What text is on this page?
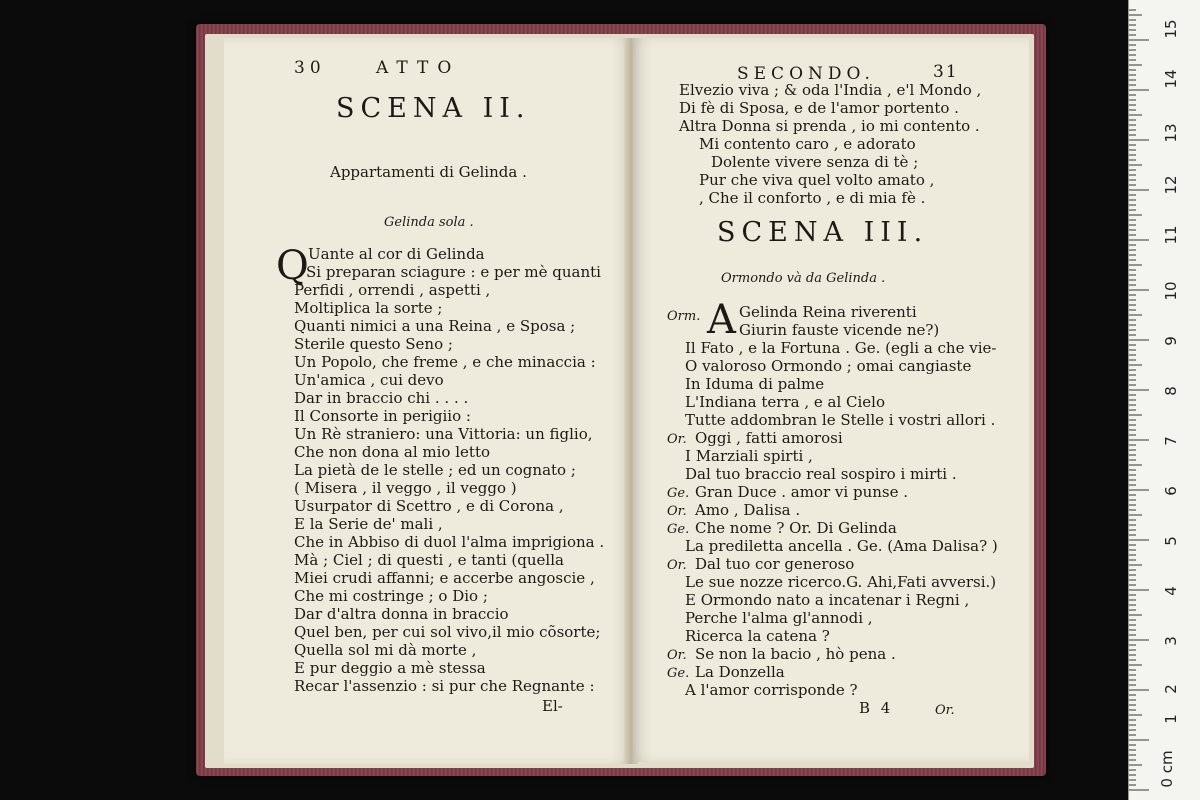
30	ATTO
SCENA II.
Appartamenti di Gelinda .
Gelinda sola .
Q Uante al cor di Gelinda
Si preparan sciagure : e per mè quanti
Perfidi , orrendi , aspetti ,
Moltiplica la sorte ;
Quanti nimici a una Reina , e Sposa ;
Sterile questo Seno ;
Un Popolo, che freme , e che minaccia :
Un'amica , cui devo
Dar in braccio chi . . . .
Il Consorte in perigiio :
Un Rè straniero: una Vittoria: un figlio,
Che non dona al mio letto
La pietà de le stelle ; ed un cognato ;
( Misera , il veggo , il veggo )
Usurpator di Scettro , e di Corona ,
E la Serie de' mali ,
Che in Abbiso di duol l'alma imprigiona .
Mà ; Ciel ; di questi , e tanti (quella
Miei crudi affanni; e accerbe angoscie ,
Che mi costringe ; o Dio ;
Dar d'altra donna in braccio
Quel ben, per cui sol vivo,il mio cõsorte;
Quella sol mi dà morte ,
E pur deggio a mè stessa
Recar l'assenzio : si pur che Regnante :
El-
SECONDO.	31
Elvezio viva ; & oda l'India , e'l Mondo ,
Di fè di Sposa, e de l'amor portento .
Altra Donna si prenda , io mi contento .
Mi contento caro , e adorato
Dolente vivere senza di tè ;
Pur che viva quel volto amato ,
, Che il conforto , e di mia fè .
SCENA III.
Ormondo và da Gelinda .
Orm. A Gelinda Reina riverenti
Giurin fauste vicende ne?)
Il Fato , e la Fortuna . Ge. (egli a che vie-
O valoroso Ormondo ; omai cangiaste
In Iduma di palme
L'Indiana terra , e al Cielo
Tutte addombran le Stelle i vostri allori .
Or. Oggi , fatti amorosi
I Marziali spirti ,
Dal tuo braccio real sospiro i mirti .
Ge. Gran Duce . amor vi punse .
Or. Amo , Dalisa .
Ge. Che nome ? Or. Di Gelinda
La prediletta ancella . Ge. (Ama Dalisa? )
Or. Dal tuo cor generoso
Le sue nozze ricerco.G. Ahi,Fati avversi.)
E Ormondo nato a incatenar i Regni ,
Perche l'alma gl'annodi ,
Ricerca la catena ?
Or. Se non la bacio , hò pena .
Ge. La Donzella
A l'amor corrisponde ?
B 4	Or.
0 cm
1
2
3
4
5
6
7
8
9
10
11
12
13
14
15
